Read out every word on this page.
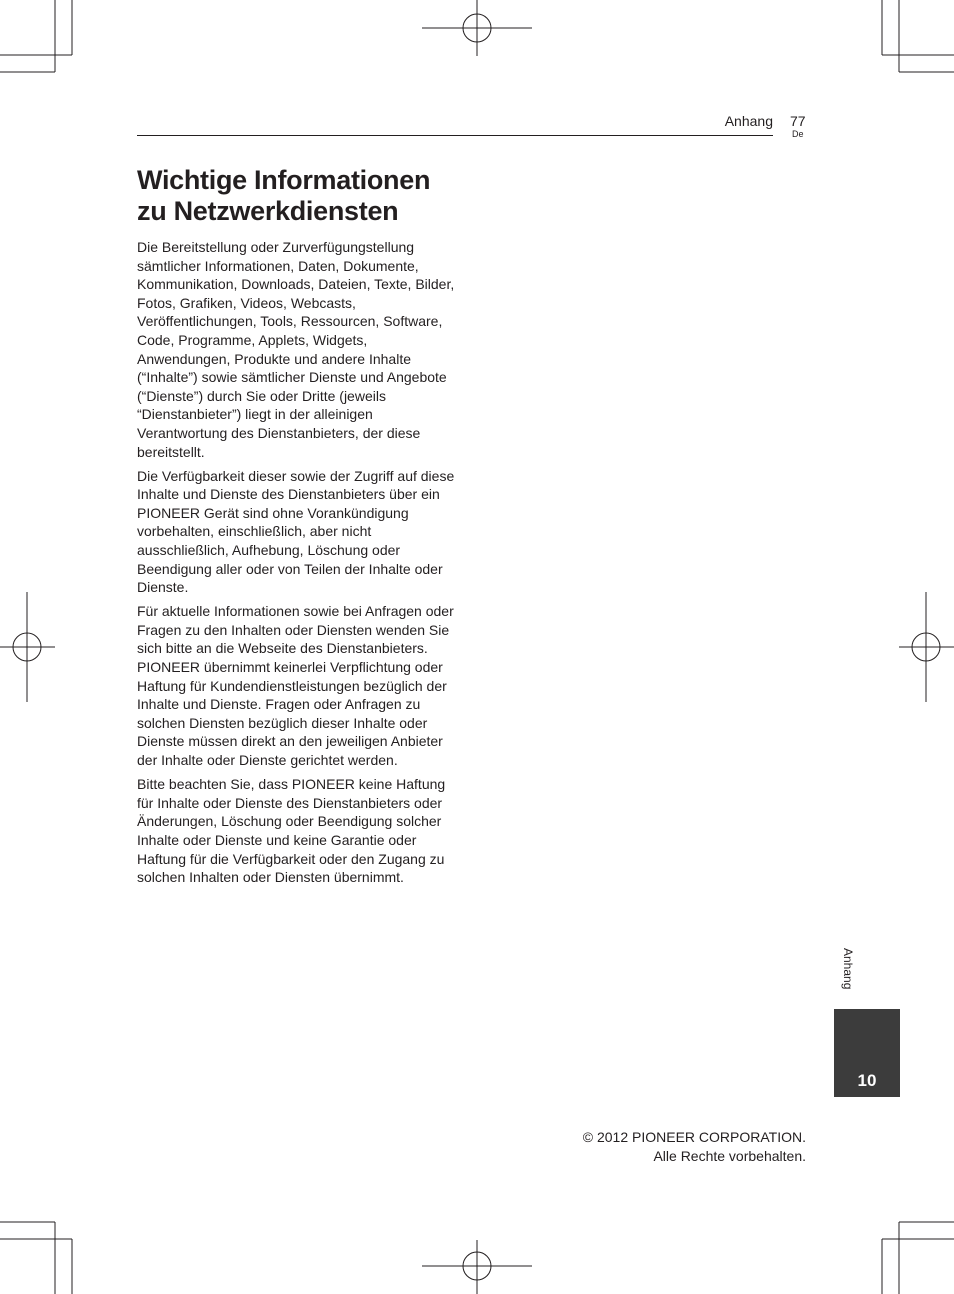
Anhang 77
De
Wichtige Informationen
zu Netzwerkdiensten

Die Bereitstellung oder Zurverfügungstellung sämtlicher Informationen, Daten, Dokumente, Kommunikation, Downloads, Dateien, Texte, Bilder, Fotos, Grafiken, Videos, Webcasts, Veröffentlichungen, Tools, Ressourcen, Software, Code, Programme, Applets, Widgets, Anwendungen, Produkte und andere Inhalte (“Inhalte”) sowie sämtlicher Dienste und Angebote (“Dienste”) durch Sie oder Dritte (jeweils “Dienstanbieter”) liegt in der alleinigen Verantwortung des Dienstanbieters, der diese bereitstellt.

Die Verfügbarkeit dieser sowie der Zugriff auf diese Inhalte und Dienste des Dienstanbieters über ein PIONEER Gerät sind ohne Vorankündigung vorbehalten, einschließlich, aber nicht ausschließlich, Aufhebung, Löschung oder Beendigung aller oder von Teilen der Inhalte oder Dienste.

Für aktuelle Informationen sowie bei Anfragen oder Fragen zu den Inhalten oder Diensten wenden Sie sich bitte an die Webseite des Dienstanbieters. PIONEER übernimmt keinerlei Verpflichtung oder Haftung für Kundendienstleistungen bezüglich der Inhalte und Dienste. Fragen oder Anfragen zu solchen Diensten bezüglich dieser Inhalte oder Dienste müssen direkt an den jeweiligen Anbieter der Inhalte oder Dienste gerichtet werden.

Bitte beachten Sie, dass PIONEER keine Haftung für Inhalte oder Dienste des Dienstanbieters oder Änderungen, Löschung oder Beendigung solcher Inhalte oder Dienste und keine Garantie oder Haftung für die Verfügbarkeit oder den Zugang zu solchen Inhalten oder Diensten übernimmt.

Anhang
10
© 2012 PIONEER CORPORATION.
Alle Rechte vorbehalten.
